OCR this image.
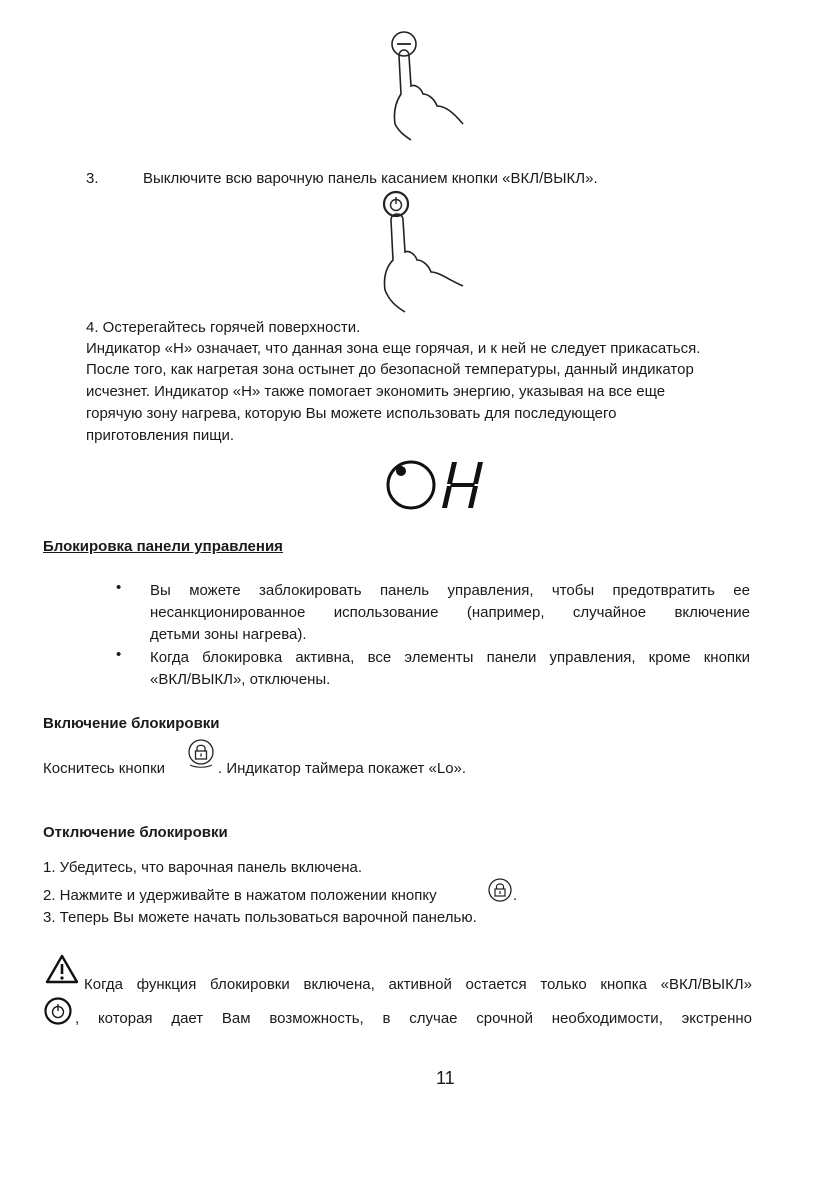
3.	Выключите всю варочную панель касанием кнопки «ВКЛ/ВЫКЛ».
4. Остерегайтесь горячей поверхности.
Индикатор «H» означает, что данная зона еще горячая, и к ней не следует прикасаться.
После того, как нагретая зона остынет до безопасной температуры, данный индикатор
исчезнет. Индикатор «H» также помогает экономить энергию, указывая на все еще
горячую зону нагрева, которую Вы можете использовать для последующего
приготовления пищи.
Блокировка панели управления
• Вы можете заблокировать панель управления, чтобы предотвратить ее
несанкционированное использование (например, случайное включение
детьми зоны нагрева).
• Когда блокировка активна, все элементы панели управления, кроме кнопки
«ВКЛ/ВЫКЛ», отключены.
Включение блокировки
Коснитесь кнопки	. Индикатор таймера покажет «Lo».
Отключение блокировки
1. Убедитесь, что варочная панель включена.
2. Нажмите и удерживайте в нажатом положении кнопку	.
3. Теперь Вы можете начать пользоваться варочной панелью.
Когда функция блокировки включена, активной остается только кнопка «ВКЛ/ВЫКЛ»
, которая дает Вам возможность, в случае срочной необходимости, экстренно
11
